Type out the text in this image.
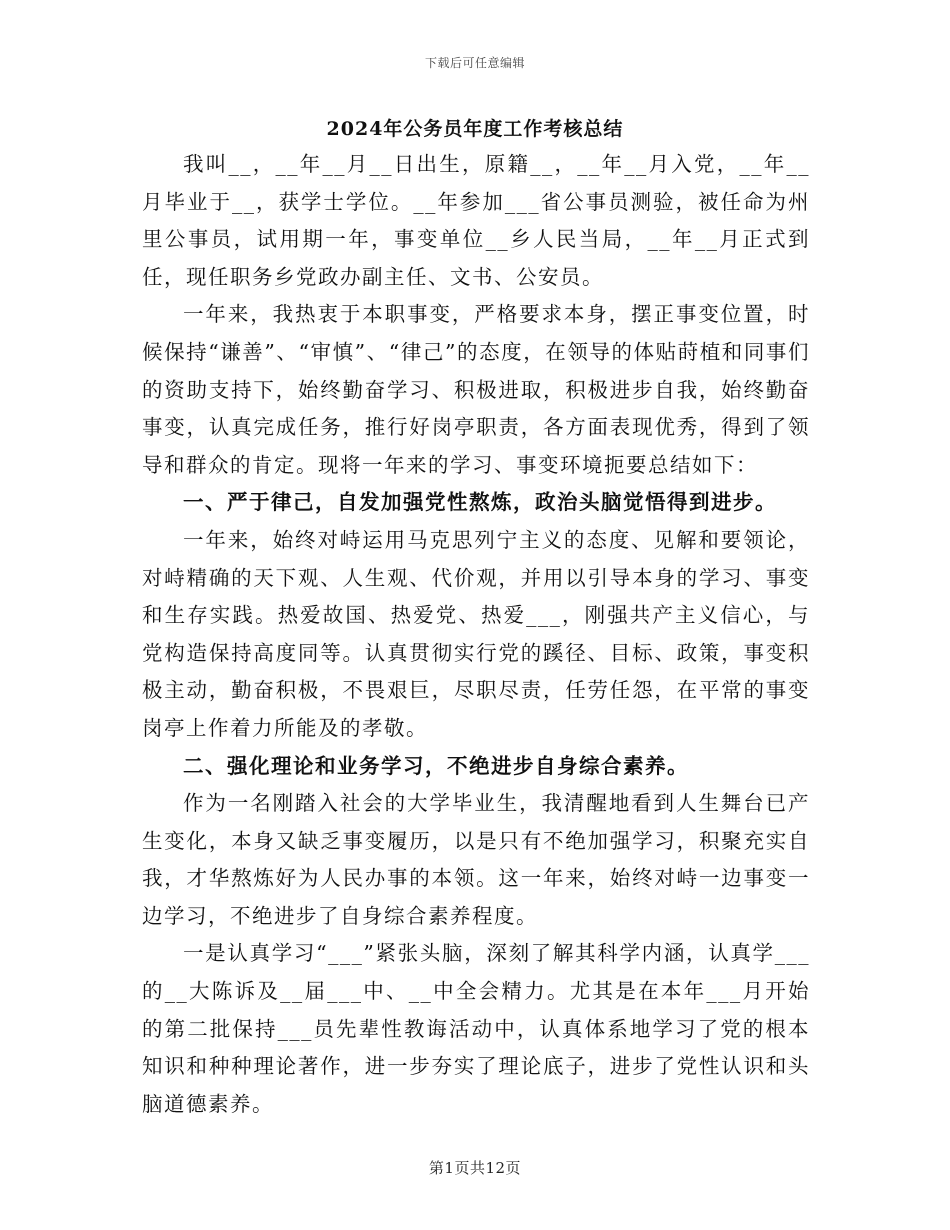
下载后可任意编辑
2024年公务员年度工作考核总结

我叫__，__年__月__日出生，原籍__，__年__月入党，__年__月毕业于__，获学士学位。__年参加___省公事员测验，被任命为州里公事员，试用期一年，事变单位__乡人民当局，__年__月正式到任，现任职务乡党政办副主任、文书、公安员。

一年来，我热衷于本职事变，严格要求本身，摆正事变位置，时候保持“谦善”、“审慎”、“律己”的态度，在领导的体贴莳植和同事们的资助支持下，始终勤奋学习、积极进取，积极进步自我，始终勤奋事变，认真完成任务，推行好岗亭职责，各方面表现优秀，得到了领导和群众的肯定。现将一年来的学习、事变环境扼要总结如下：

一、严于律己，自发加强党性熬炼，政治头脑觉悟得到进步。

一年来，始终对峙运用马克思列宁主义的态度、见解和要领论，对峙精确的天下观、人生观、代价观，并用以引导本身的学习、事变和生存实践。热爱故国、热爱党、热爱___，刚强共产主义信心，与党构造保持高度同等。认真贯彻实行党的蹊径、目标、政策，事变积极主动，勤奋积极，不畏艰巨，尽职尽责，任劳任怨，在平常的事变岗亭上作着力所能及的孝敬。

二、强化理论和业务学习，不绝进步自身综合素养。

作为一名刚踏入社会的大学毕业生，我清醒地看到人生舞台已产生变化，本身又缺乏事变履历，以是只有不绝加强学习，积聚充实自我，才华熬炼好为人民办事的本领。这一年来，始终对峙一边事变一边学习，不绝进步了自身综合素养程度。

一是认真学习“___”紧张头脑，深刻了解其科学内涵，认真学___的__大陈诉及__届___中、__中全会精力。尤其是在本年___月开始的第二批保持___员先辈性教诲活动中，认真体系地学习了党的根本知识和种种理论著作，进一步夯实了理论底子，进步了党性认识和头脑道德素养。

第1页共12页
